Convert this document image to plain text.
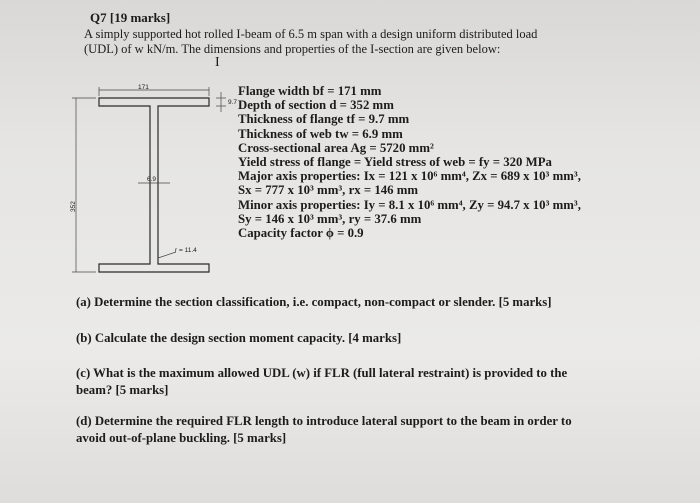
Q7 [19 marks]
A simply supported hot rolled I-beam of 6.5 m span with a design uniform distributed load
(UDL) of w kN/m. The dimensions and properties of the I-section are given below:
I
171
9.7
6.9
352
r = 11.4
Flange width bf = 171 mm
Depth of section d = 352 mm
Thickness of flange tf = 9.7 mm
Thickness of web tw = 6.9 mm
Cross-sectional area Ag = 5720 mm²
Yield stress of flange = Yield stress of web = fy = 320 MPa
Major axis properties: Ix = 121 x 10⁶ mm⁴, Zx = 689 x 10³ mm³,
Sx = 777 x 10³ mm³, rx = 146 mm
Minor axis properties: Iy = 8.1 x 10⁶ mm⁴, Zy = 94.7 x 10³ mm³,
Sy = 146 x 10³ mm³, ry = 37.6 mm
Capacity factor ϕ = 0.9
(a) Determine the section classification, i.e. compact, non-compact or slender. [5 marks]
(b) Calculate the design section moment capacity. [4 marks]
(c) What is the maximum allowed UDL (w) if FLR (full lateral restraint) is provided to the
beam? [5 marks]
(d) Determine the required FLR length to introduce lateral support to the beam in order to
avoid out-of-plane buckling. [5 marks]
